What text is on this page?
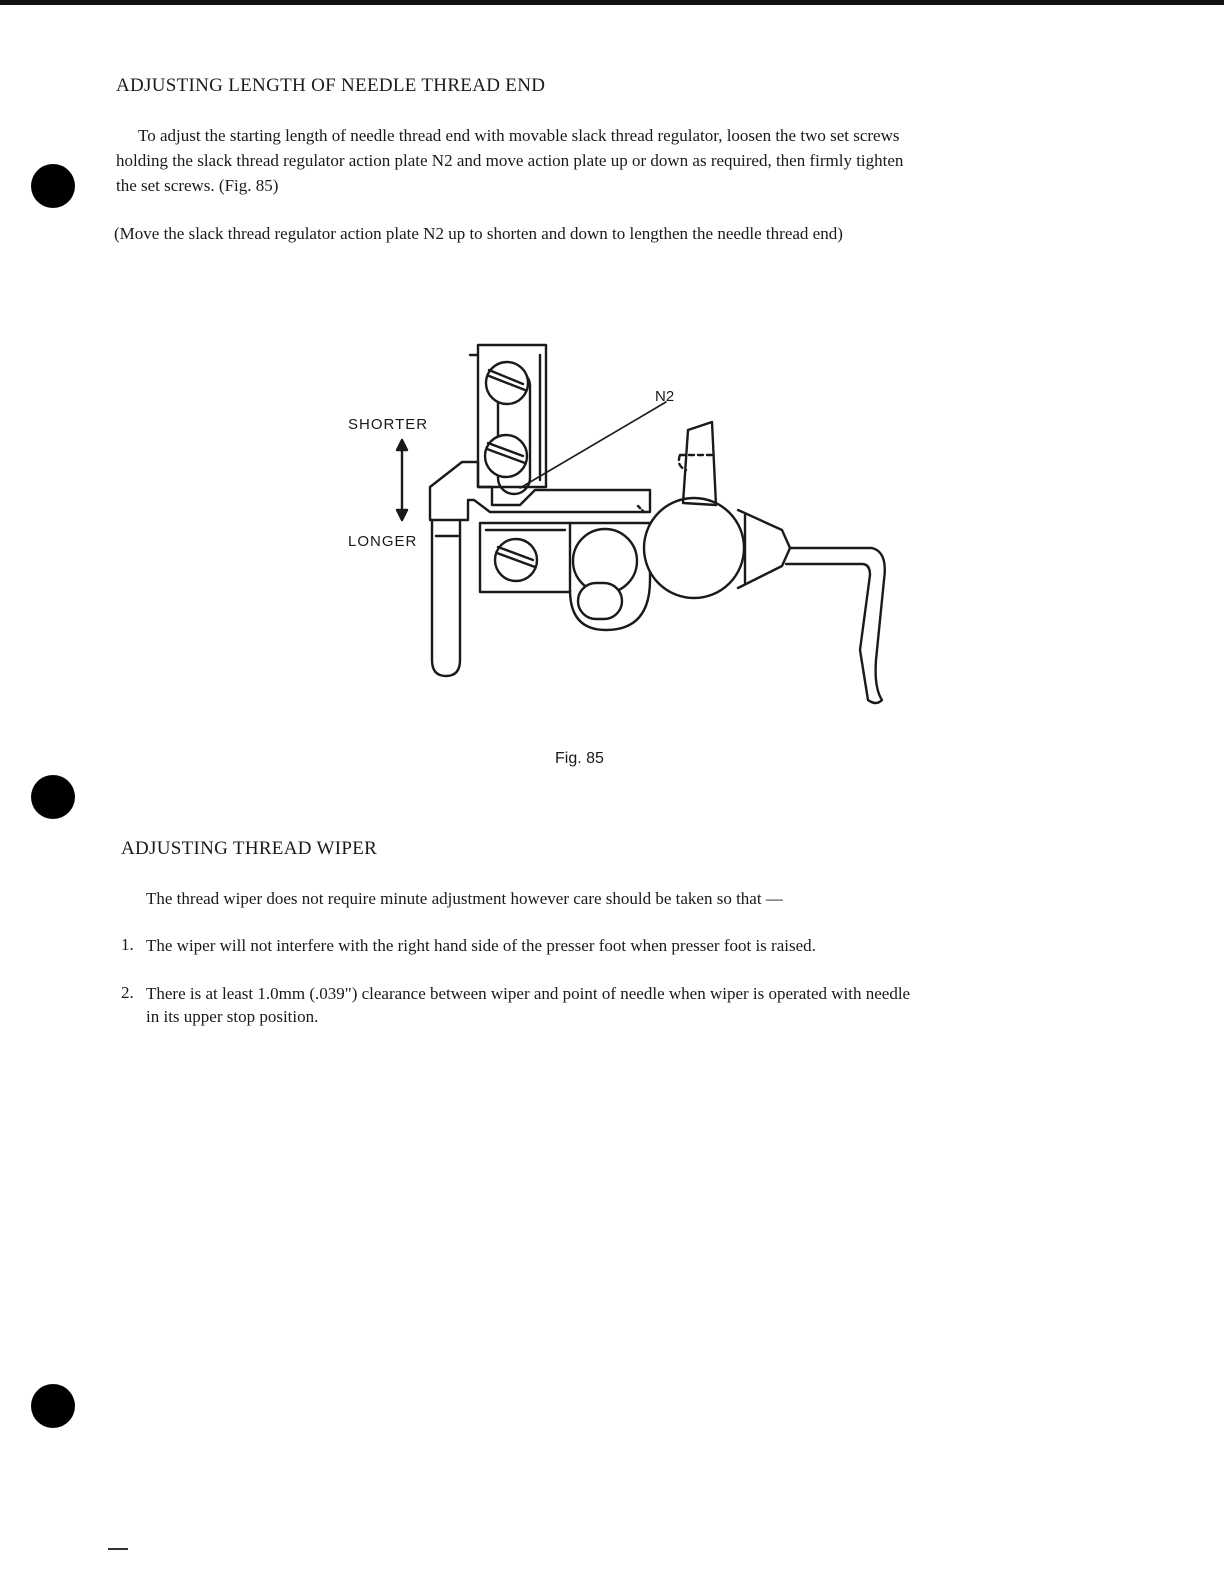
ADJUSTING LENGTH OF NEEDLE THREAD END
To adjust the starting length of needle thread end with movable slack thread regulator, loosen the two set screws
holding the slack thread regulator action plate N2 and move action plate up or down as required, then firmly tighten
the set screws. (Fig. 85)
(Move the slack thread regulator action plate N2 up to shorten and down to lengthen the needle thread end)
SHORTER
LONGER
N2
Fig. 85
ADJUSTING THREAD WIPER
The thread wiper does not require minute adjustment however care should be taken so that —
1. The wiper will not interfere with the right hand side of the presser foot when presser foot is raised.
2. There is at least 1.0mm (.039") clearance between wiper and point of needle when wiper is operated with needle
in its upper stop position.
